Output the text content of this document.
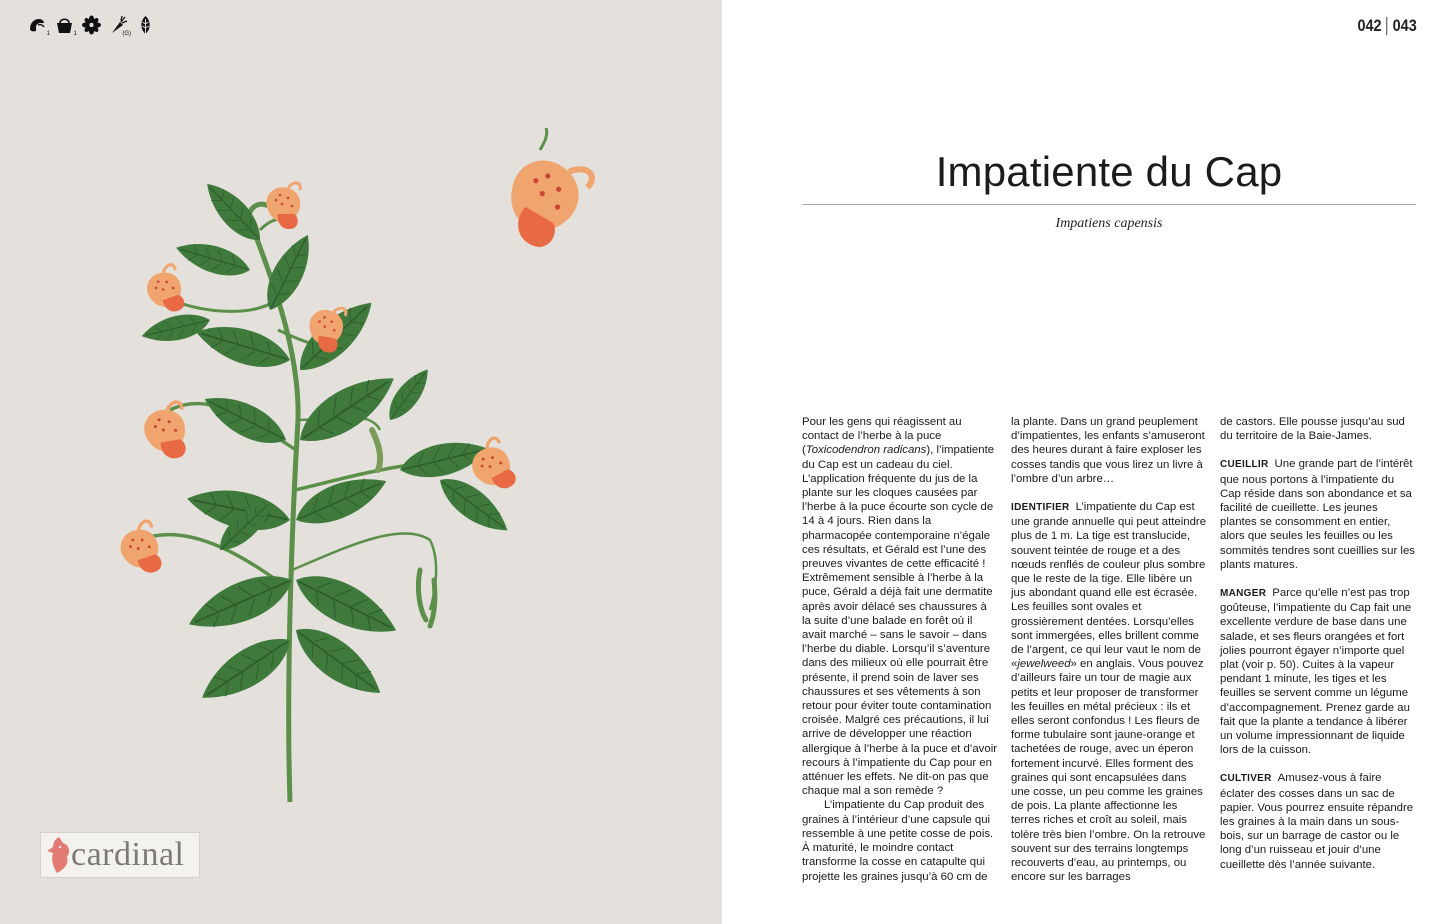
1	1	(G)
cardinal
042 043
Impatiente du Cap
Impatiens capensis

Pour les gens qui réagissent au contact de l’herbe à la puce (Toxicodendron radicans), l’impatiente du Cap est un cadeau du ciel. L’application fréquente du jus de la plante sur les cloques causées par l’herbe à la puce écourte son cycle de 14 à 4 jours. Rien dans la pharmacopée contemporaine n’égale ces résultats, et Gérald est l’une des preuves vivantes de cette efficacité ! Extrêmement sensible à l’herbe à la puce, Gérald a déjà fait une dermatite après avoir délacé ses chaussures à la suite d’une balade en forêt où il avait marché – sans le savoir – dans l’herbe du diable. Lorsqu’il s’aventure dans des milieux où elle pourrait être présente, il prend soin de laver ses chaussures et ses vêtements à son retour pour éviter toute contamination croisée. Malgré ces précautions, il lui arrive de développer une réaction allergique à l’herbe à la puce et d’avoir recours à l’impatiente du Cap pour en atténuer les effets. Ne dit-on pas que chaque mal a son remède ?

L’impatiente du Cap produit des graines à l’intérieur d’une capsule qui ressemble à une petite cosse de pois. À maturité, le moindre contact transforme la cosse en catapulte qui projette les graines jusqu’à 60 cm de

la plante. Dans un grand peuplement d’impatientes, les enfants s’amuseront des heures durant à faire exploser les cosses tandis que vous lirez un livre à l’ombre d’un arbre…

IDENTIFIER L’impatiente du Cap est une grande annuelle qui peut atteindre plus de 1 m. La tige est translucide, souvent teintée de rouge et a des nœuds renflés de couleur plus sombre que le reste de la tige. Elle libère un jus abondant quand elle est écrasée. Les feuilles sont ovales et grossièrement dentées. Lorsqu’elles sont immergées, elles brillent comme de l’argent, ce qui leur vaut le nom de «jewelweed» en anglais. Vous pouvez d’ailleurs faire un tour de magie aux petits et leur proposer de transformer les feuilles en métal précieux : ils et elles seront confondus ! Les fleurs de forme tubulaire sont jaune-orange et tachetées de rouge, avec un éperon fortement incurvé. Elles forment des graines qui sont encapsulées dans une cosse, un peu comme les graines de pois. La plante affectionne les terres riches et croît au soleil, mais tolère très bien l’ombre. On la retrouve souvent sur des terrains longtemps recouverts d’eau, au printemps, ou encore sur les barrages

de castors. Elle pousse jusqu’au sud du territoire de la Baie-James.

CUEILLIR Une grande part de l’intérêt que nous portons à l’impatiente du Cap réside dans son abondance et sa facilité de cueillette. Les jeunes plantes se consomment en entier, alors que seules les feuilles ou les sommités tendres sont cueillies sur les plants matures.

MANGER Parce qu’elle n’est pas trop goûteuse, l’impatiente du Cap fait une excellente verdure de base dans une salade, et ses fleurs orangées et fort jolies pourront égayer n’importe quel plat (voir p. 50). Cuites à la vapeur pendant 1 minute, les tiges et les feuilles se servent comme un légume d’accompagnement. Prenez garde au fait que la plante a tendance à libérer un volume impressionnant de liquide lors de la cuisson.

CULTIVER Amusez-vous à faire éclater des cosses dans un sac de papier. Vous pourrez ensuite répandre les graines à la main dans un sous-bois, sur un barrage de castor ou le long d’un ruisseau et jouir d’une cueillette dès l’année suivante.
